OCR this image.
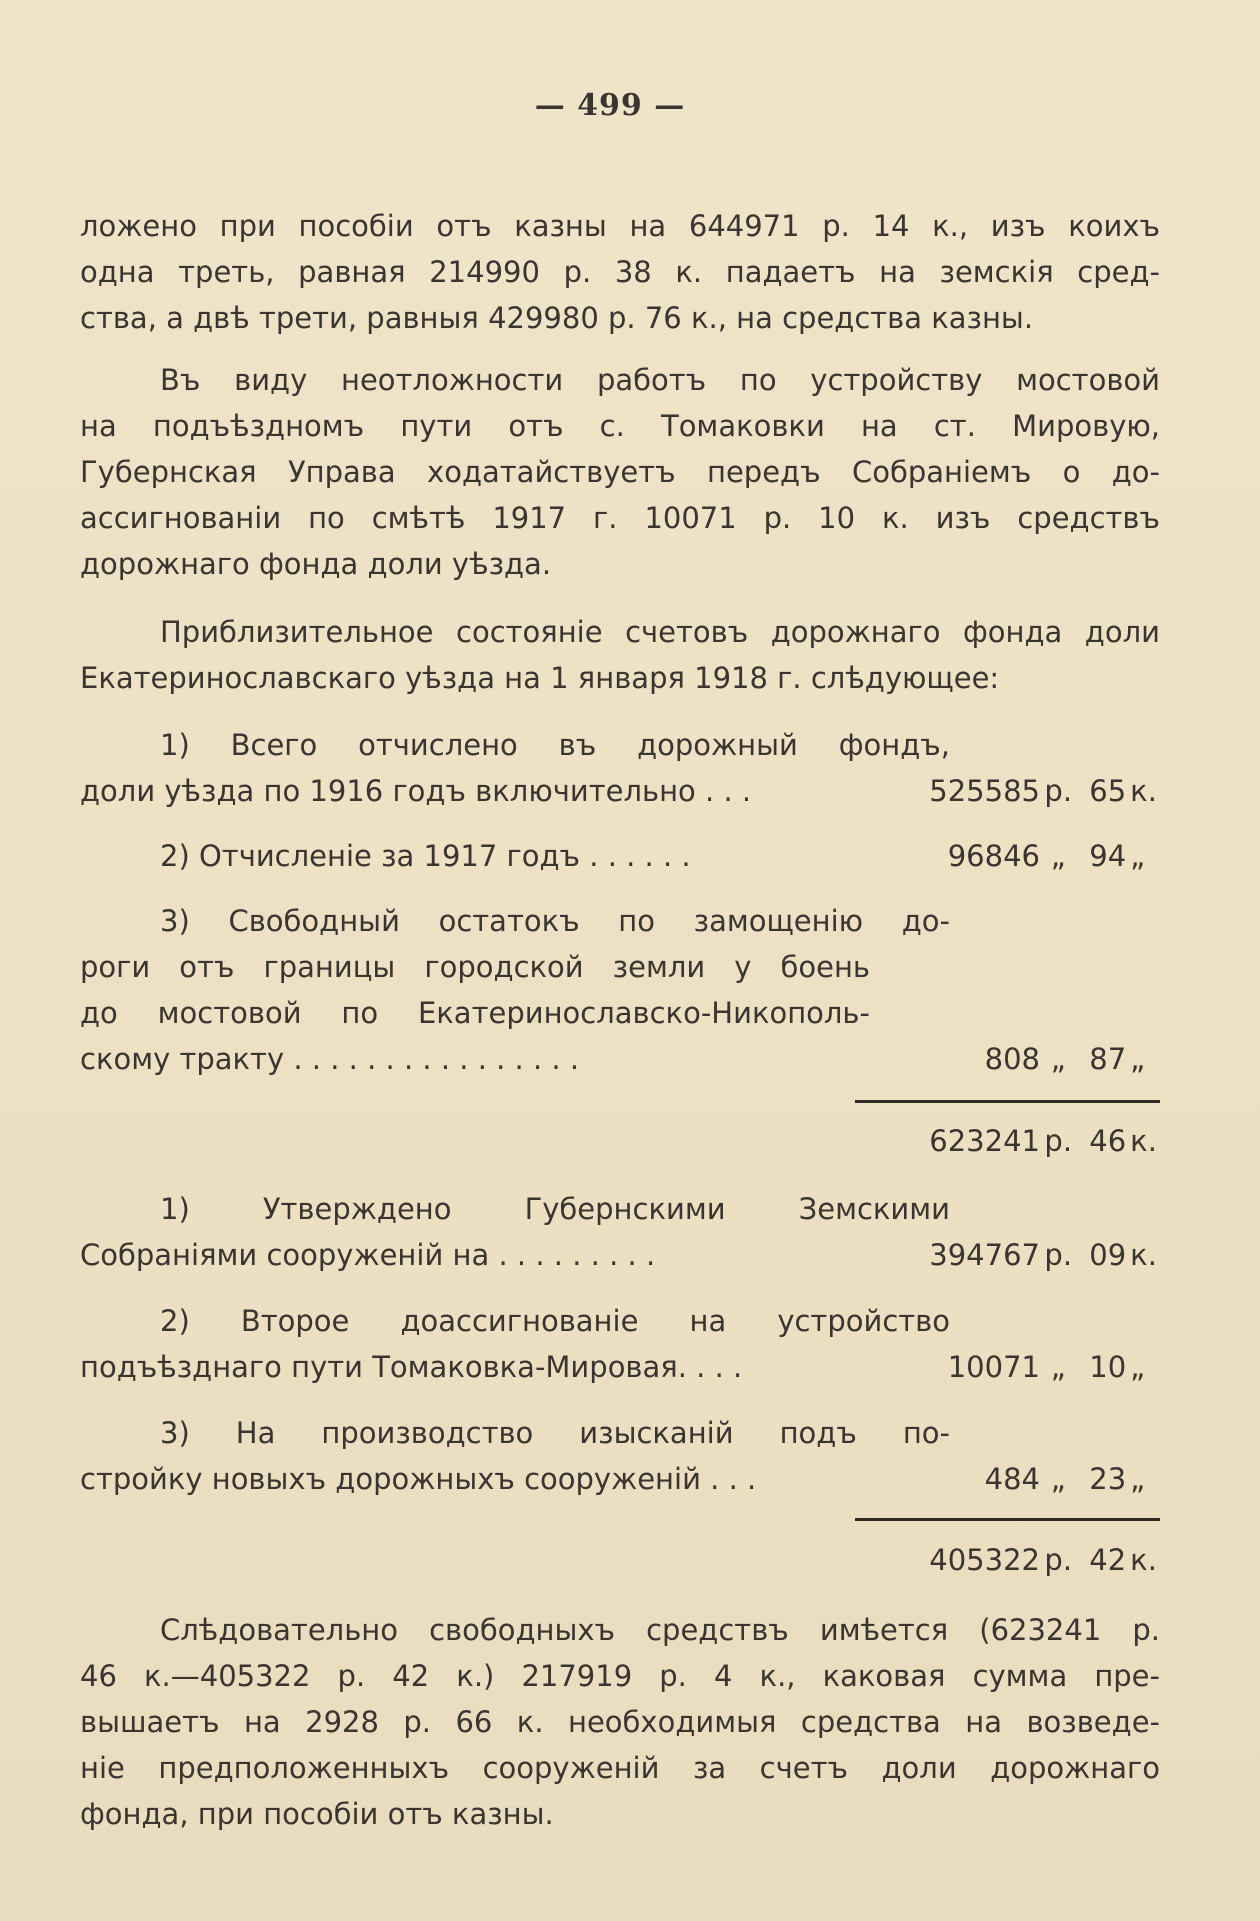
— 499 —
ложено при пособіи отъ казны на 644971 р. 14 к., изъ коихъ
одна треть, равная 214990 р. 38 к. падаетъ на земскія сред-
ства, а двѣ трети, равныя 429980 р. 76 к., на средства казны.
Въ виду неотложности работъ по устройству мостовой
на подъѣздномъ пути отъ с. Томаковки на ст. Мировую,
Губернская Управа ходатайствуетъ передъ Собраніемъ о до-
ассигнованіи по смѣтѣ 1917 г. 10071 р. 10 к. изъ средствъ
дорожнаго фонда доли уѣзда.
Приблизительное состояніе счетовъ дорожнаго фонда доли
Екатеринославскаго уѣзда на 1 января 1918 г. слѣдующее:
1) Всего отчислено въ дорожный фондъ,
доли уѣзда по 1916 годъ включительно . . .	525585 р. 65 к.
2) Отчисленіе за 1917 годъ . . . . . .	96846 „ 94 „
3) Свободный остатокъ по замощенію до-
роги отъ границы городской земли у боень
до мостовой по Екатеринославско-Никополь-
скому тракту . . . . . . . . . . . . . . . .	808 „ 87 „
623241 р. 46 к.
1) Утверждено Губернскими Земскими
Собраніями сооруженій на . . . . . . . . .	394767 р. 09 к.
2) Второе доассигнованіе на устройство
подъѣзднаго пути Томаковка-Мировая. . . .	10071 „ 10 „
3) На производство изысканій подъ по-
стройку новыхъ дорожныхъ сооруженій . . .	484 „ 23 „
405322 р. 42 к.
Слѣдовательно свободныхъ средствъ имѣется (623241 р.
46 к.—405322 р. 42 к.) 217919 р. 4 к., каковая сумма пре-
вышаетъ на 2928 р. 66 к. необходимыя средства на возведе-
ніе предположенныхъ сооруженій за счетъ доли дорожнаго
фонда, при пособіи отъ казны.
